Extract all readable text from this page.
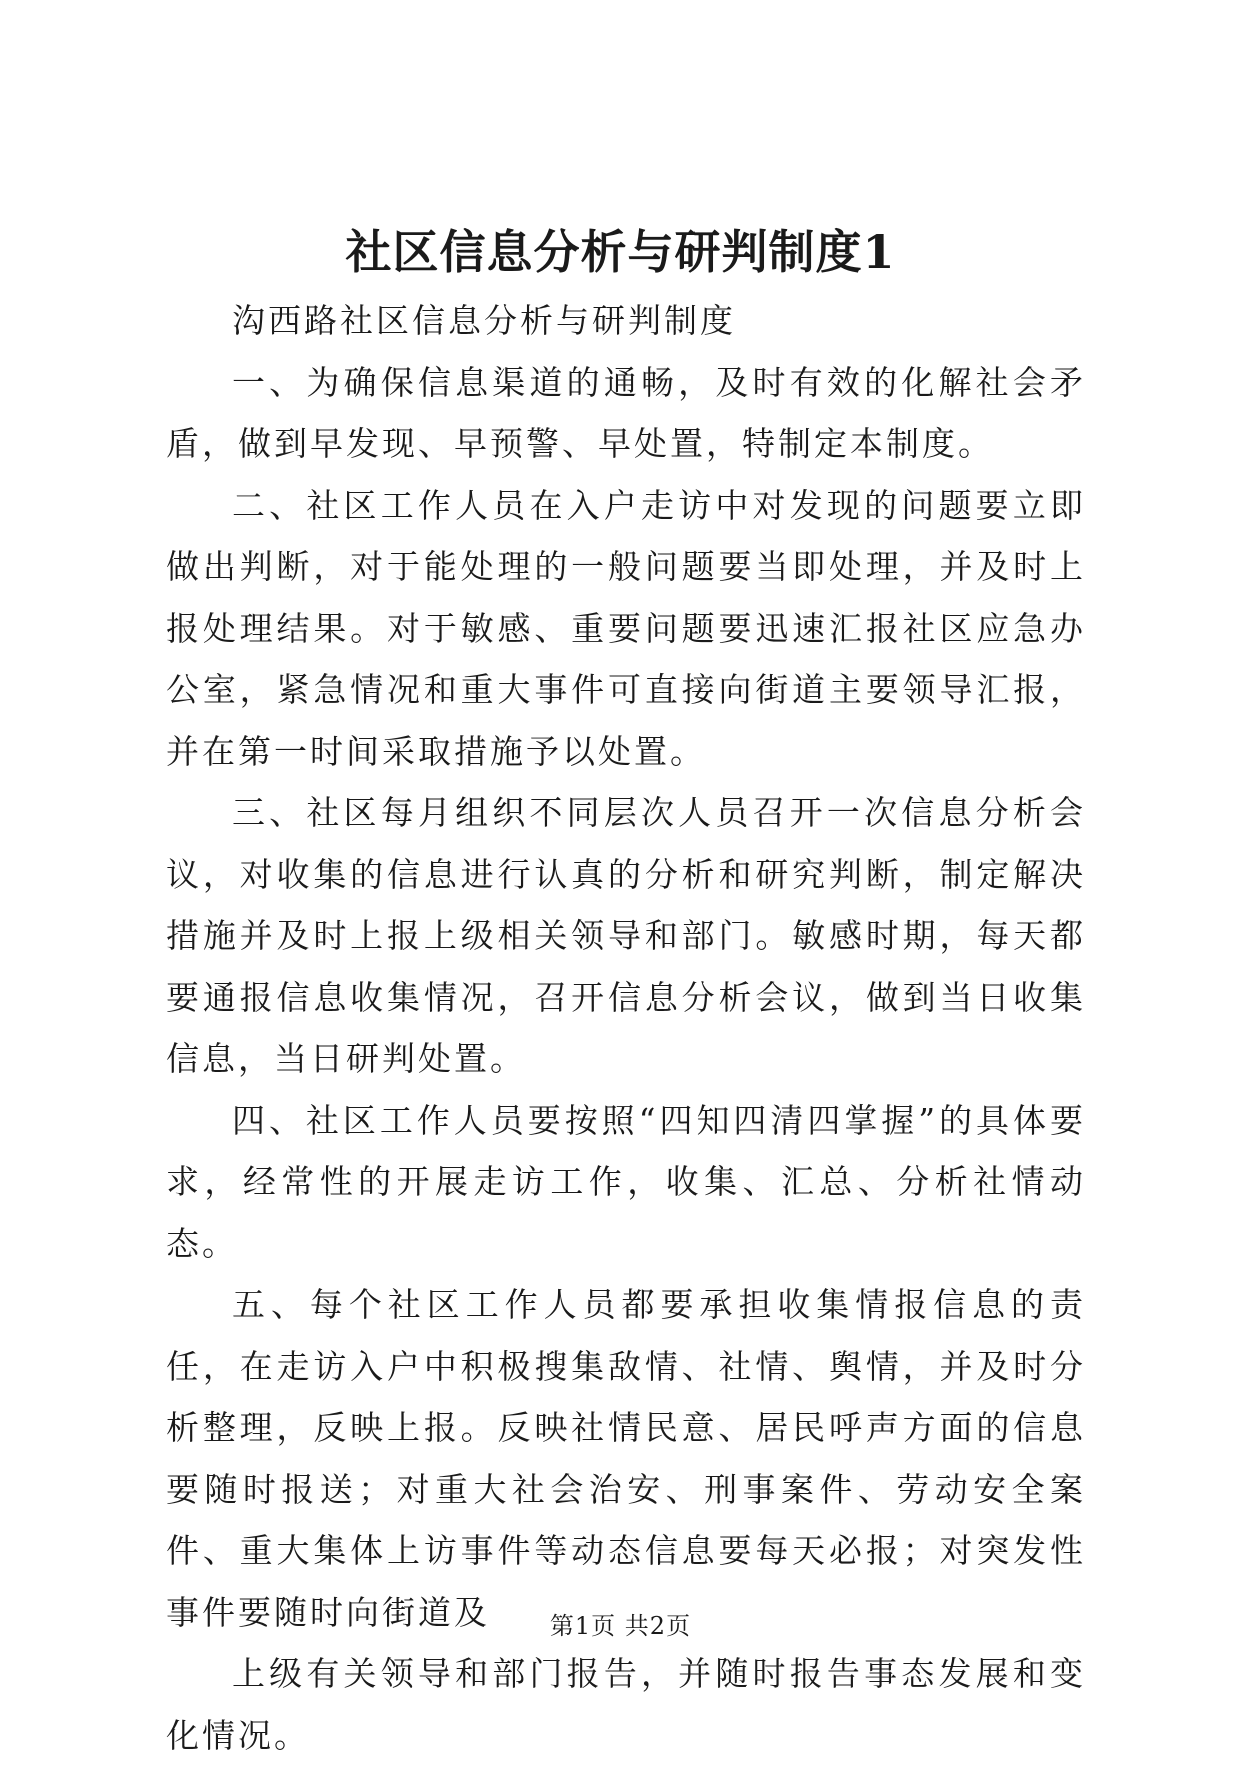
社区信息分析与研判制度1

沟西路社区信息分析与研判制度

一、为确保信息渠道的通畅，及时有效的化解社会矛盾，做到早发现、早预警、早处置，特制定本制度。

二、社区工作人员在入户走访中对发现的问题要立即做出判断，对于能处理的一般问题要当即处理，并及时上报处理结果。对于敏感、重要问题要迅速汇报社区应急办公室，紧急情况和重大事件可直接向街道主要领导汇报，并在第一时间采取措施予以处置。

三、社区每月组织不同层次人员召开一次信息分析会议，对收集的信息进行认真的分析和研究判断，制定解决措施并及时上报上级相关领导和部门。敏感时期，每天都要通报信息收集情况，召开信息分析会议，做到当日收集信息，当日研判处置。

四、社区工作人员要按照“四知四清四掌握”的具体要求，经常性的开展走访工作，收集、汇总、分析社情动态。

五、每个社区工作人员都要承担收集情报信息的责任，在走访入户中积极搜集敌情、社情、舆情，并及时分析整理，反映上报。反映社情民意、居民呼声方面的信息要随时报送；对重大社会治安、刑事案件、劳动安全案件、重大集体上访事件等动态信息要每天必报；对突发性事件要随时向街道及

上级有关领导和部门报告，并随时报告事态发展和变化情况。

第1页 共2页
